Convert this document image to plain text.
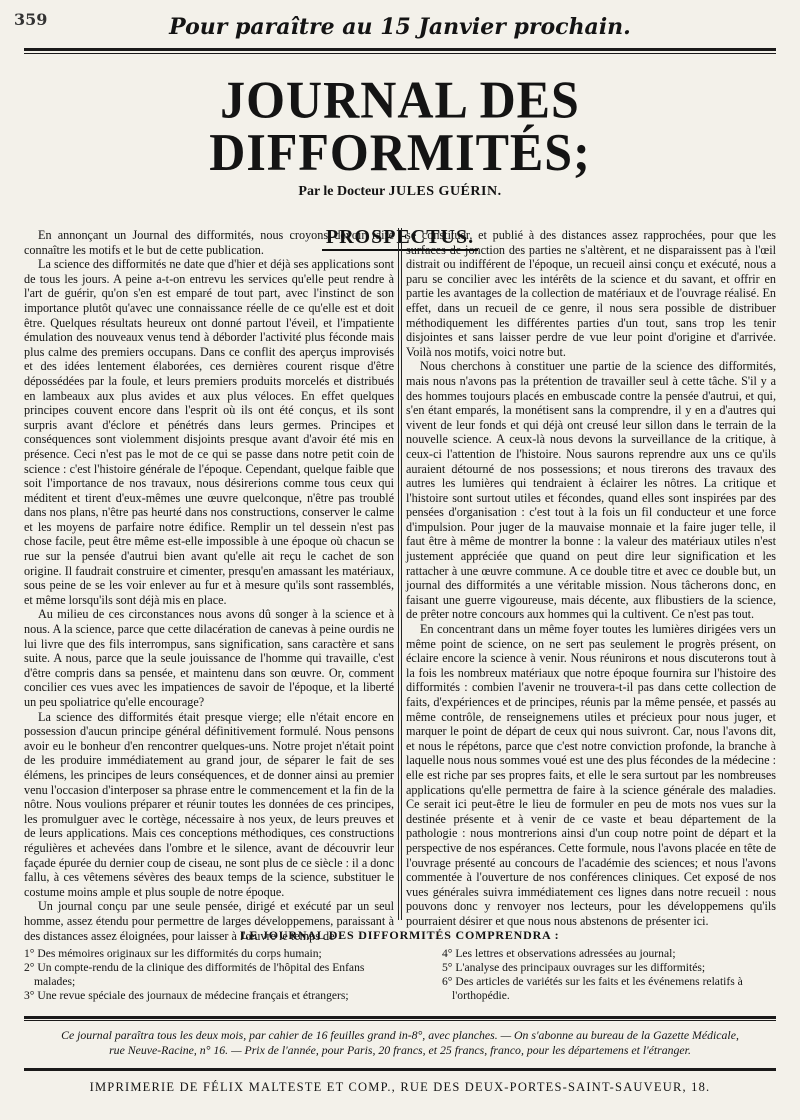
359	Pour paraître au 15 Janvier prochain.
JOURNAL DES DIFFORMITÉS;
Par le Docteur JULES GUÉRIN.
PROSPECTUS.

En annonçant un Journal des difformités, nous croyons devoir faire connaître les motifs et le but de cette publication.

La science des difformités ne date que d'hier et déjà ses applications sont de tous les jours. A peine a-t-on entrevu les services qu'elle peut rendre à l'art de guérir, qu'on s'en est emparé de tout part, avec l'instinct de son importance plutôt qu'avec une connaissance réelle de ce qu'elle est et doit être. Quelques résultats heureux ont donné partout l'éveil, et l'impatiente émulation des nouveaux venus tend à déborder l'activité plus féconde mais plus calme des premiers occupans. Dans ce conflit des aperçus improvisés et des idées lentement élaborées, ces dernières courent risque d'être dépossédées par la foule, et leurs premiers produits morcelés et distribués en lambeaux aux plus avides et aux plus véloces. En effet quelques principes couvent encore dans l'esprit où ils ont été conçus, et ils sont surpris avant d'éclore et pénétrés dans leurs germes. Principes et conséquences sont violemment disjoints presque avant d'avoir été mis en présence. Ceci n'est pas le mot de ce qui se passe dans notre petit coin de science : c'est l'histoire générale de l'époque. Cependant, quelque faible que soit l'importance de nos travaux, nous désirerions comme tous ceux qui méditent et tirent d'eux-mêmes une œuvre quelconque, n'être pas troublé dans nos plans, n'être pas heurté dans nos constructions, conserver le calme et les moyens de parfaire notre édifice. Remplir un tel dessein n'est pas chose facile, peut être même est-elle impossible à une époque où chacun se rue sur la pensée d'autrui bien avant qu'elle ait reçu le cachet de son origine. Il faudrait construire et cimenter, presqu'en amassant les matériaux, sous peine de se les voir enlever au fur et à mesure qu'ils sont rassemblés, et même lorsqu'ils sont déjà mis en place.

Au milieu de ces circonstances nous avons dû songer à la science et à nous. A la science, parce que cette dilacération de canevas à peine ourdis ne lui livre que des fils interrompus, sans signification, sans caractère et sans suite. A nous, parce que la seule jouissance de l'homme qui travaille, c'est d'être compris dans sa pensée, et maintenu dans son œuvre. Or, comment concilier ces vues avec les impatiences de savoir de l'époque, et la liberté un peu spoliatrice qu'elle encourage?

La science des difformités était presque vierge; elle n'était encore en possession d'aucun principe général définitivement formulé. Nous pensons avoir eu le bonheur d'en rencontrer quelques-uns. Notre projet n'était point de les produire immédiatement au grand jour, de séparer le fait de ses élémens, les principes de leurs conséquences, et de donner ainsi au premier venu l'occasion d'interposer sa phrase entre le commencement et la fin de la nôtre. Nous voulions préparer et réunir toutes les données de ces principes, les promulguer avec le cortège, nécessaire à nos yeux, de leurs preuves et de leurs applications. Mais ces conceptions méthodiques, ces constructions régulières et achevées dans l'ombre et le silence, avant de découvrir leur façade épurée du dernier coup de ciseau, ne sont plus de ce siècle : il a donc fallu, à ces vêtemens sévères des beaux temps de la science, substituer le costume moins ample et plus souple de notre époque.

Un journal conçu par une seule pensée, dirigé et exécuté par un seul homme, assez étendu pour permettre de larges développemens, paraissant à des distances assez éloignées, pour laisser à l'œuvre le temps de

se constituer, et publié à des distances assez rapprochées, pour que les surfaces de jonction des parties ne s'altèrent, et ne disparaissent pas à l'œil distrait ou indifférent de l'époque, un recueil ainsi conçu et exécuté, nous a paru se concilier avec les intérêts de la science et du savant, et offrir en partie les avantages de la collection de matériaux et de l'ouvrage réalisé. En effet, dans un recueil de ce genre, il nous sera possible de distribuer méthodiquement les différentes parties d'un tout, sans trop les tenir disjointes et sans laisser perdre de vue leur point d'origine et d'arrivée. Voilà nos motifs, voici notre but.

Nous cherchons à constituer une partie de la science des difformités, mais nous n'avons pas la prétention de travailler seul à cette tâche. S'il y a des hommes toujours placés en embuscade contre la pensée d'autrui, et qui, s'en étant emparés, la monétisent sans la comprendre, il y en a d'autres qui vivent de leur fonds et qui déjà ont creusé leur sillon dans le terrain de la nouvelle science. A ceux-là nous devons la surveillance de la critique, à ceux-ci l'attention de l'histoire. Nous saurons reprendre aux uns ce qu'ils auraient détourné de nos possessions; et nous tirerons des travaux des autres les lumières qui tendraient à éclairer les nôtres. La critique et l'histoire sont surtout utiles et fécondes, quand elles sont inspirées par des pensées d'organisation : c'est tout à la fois un fil conducteur et une force d'impulsion. Pour juger de la mauvaise monnaie et la faire juger telle, il faut être à même de montrer la bonne : la valeur des matériaux utiles n'est justement appréciée que quand on peut dire leur signification et les rattacher à une œuvre commune. A ce double titre et avec ce double but, un journal des difformités a une véritable mission. Nous tâcherons donc, en faisant une guerre vigoureuse, mais décente, aux flibustiers de la science, de prêter notre concours aux hommes qui la cultivent. Ce n'est pas tout.

En concentrant dans un même foyer toutes les lumières dirigées vers un même point de science, on ne sert pas seulement le progrès présent, on éclaire encore la science à venir. Nous réunirons et nous discuterons tout à la fois les nombreux matériaux que notre époque fournira sur l'histoire des difformités : combien l'avenir ne trouvera-t-il pas dans cette collection de faits, d'expériences et de principes, réunis par la même pensée, et passés au même contrôle, de renseignemens utiles et précieux pour nous juger, et marquer le point de départ de ceux qui nous suivront. Car, nous l'avons dit, et nous le répétons, parce que c'est notre conviction profonde, la branche à laquelle nous nous sommes voué est une des plus fécondes de la médecine : elle est riche par ses propres faits, et elle le sera surtout par les nombreuses applications qu'elle permettra de faire à la science générale des maladies. Ce serait ici peut-être le lieu de formuler en peu de mots nos vues sur la destinée présente et à venir de ce vaste et beau département de la pathologie : nous montrerions ainsi d'un coup notre point de départ et la perspective de nos espérances. Cette formule, nous l'avons placée en tête de l'ouvrage présenté au concours de l'académie des sciences; et nous l'avons commentée à l'ouverture de nos conférences cliniques. Cet exposé de nos vues générales suivra immédiatement ces lignes dans notre recueil : nous pouvons donc y renvoyer nos lecteurs, pour les développemens qu'ils pourraient désirer et que nous nous abstenons de présenter ici.

LE JOURNAL DES DIFFORMITÉS COMPRENDRA :
1° Des mémoires originaux sur les difformités du corps humain;
2° Un compte-rendu de la clinique des difformités de l'hôpital des Enfans malades;
3° Une revue spéciale des journaux de médecine français et étrangers;
4° Les lettres et observations adressées au journal;
5° L'analyse des principaux ouvrages sur les difformités;
6° Des articles de variétés sur les faits et les événemens relatifs à l'orthopédie.
Ce journal paraîtra tous les deux mois, par cahier de 16 feuilles grand in-8°, avec planches. — On s'abonne au bureau de la Gazette Médicale,
rue Neuve-Racine, n° 16. — Prix de l'année, pour Paris, 20 francs, et 25 francs, franco, pour les départemens et l'étranger.
IMPRIMERIE DE FÉLIX MALTESTE ET COMP., RUE DES DEUX-PORTES-SAINT-SAUVEUR, 18.
